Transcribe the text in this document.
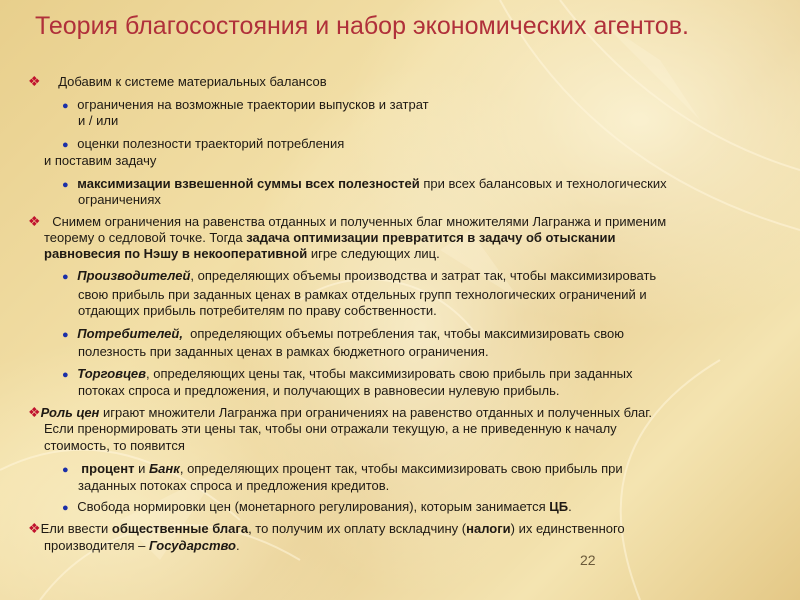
Теория благосостояния и набор экономических агентов.
❖ Добавим к системе материальных балансов
● ограничения на возможные траектории выпусков и затрат
и / или
● оценки полезности траекторий потребления
и поставим задачу
● максимизации взвешенной суммы всех полезностей при всех балансовых и технологических
ограничениях
❖ Снимем ограничения на равенства отданных и полученных благ множителями Лагранжа и применим
теорему о седловой точке. Тогда задача оптимизации превратится в задачу об отыскании
равновесия по Нэшу в некооперативной игре следующих лиц.
● Производителей, определяющих объемы производства и затрат так, чтобы максимизировать
свою прибыль при заданных ценах в рамках отдельных групп технологических ограничений и
отдающих прибыль потребителям по праву собственности.
● Потребителей,  определяющих объемы потребления так, чтобы максимизировать свою
полезность при заданных ценах в рамках бюджетного ограничения.
● Торговцев, определяющих цены так, чтобы максимизировать свою прибыль при заданных
потоках спроса и предложения, и получающих в равновесии нулевую прибыль.
❖Роль цен играют множители Лагранжа при ограничениях на равенство отданных и полученных благ.
Если пренормировать эти цены так, чтобы они отражали текущую, а не приведенную к началу
стоимость, то появится
● процент и Банк, определяющих процент так, чтобы максимизировать свою прибыль при
заданных потоках спроса и предложения кредитов.
● Свобода нормировки цен (монетарного регулирования), которым занимается ЦБ.
❖Ели ввести общественные блага, то получим их оплату вскладчину (налоги) их единственного
производителя – Государство.
22
